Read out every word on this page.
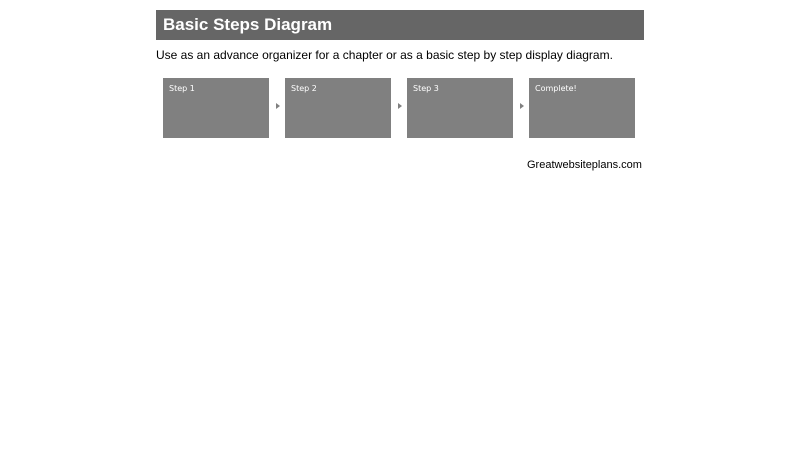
Basic Steps Diagram
Use as an advance organizer for a chapter or as a basic step by step display diagram.
Step 1	Step 2	Step 3	Complete!
Greatwebsiteplans.com
